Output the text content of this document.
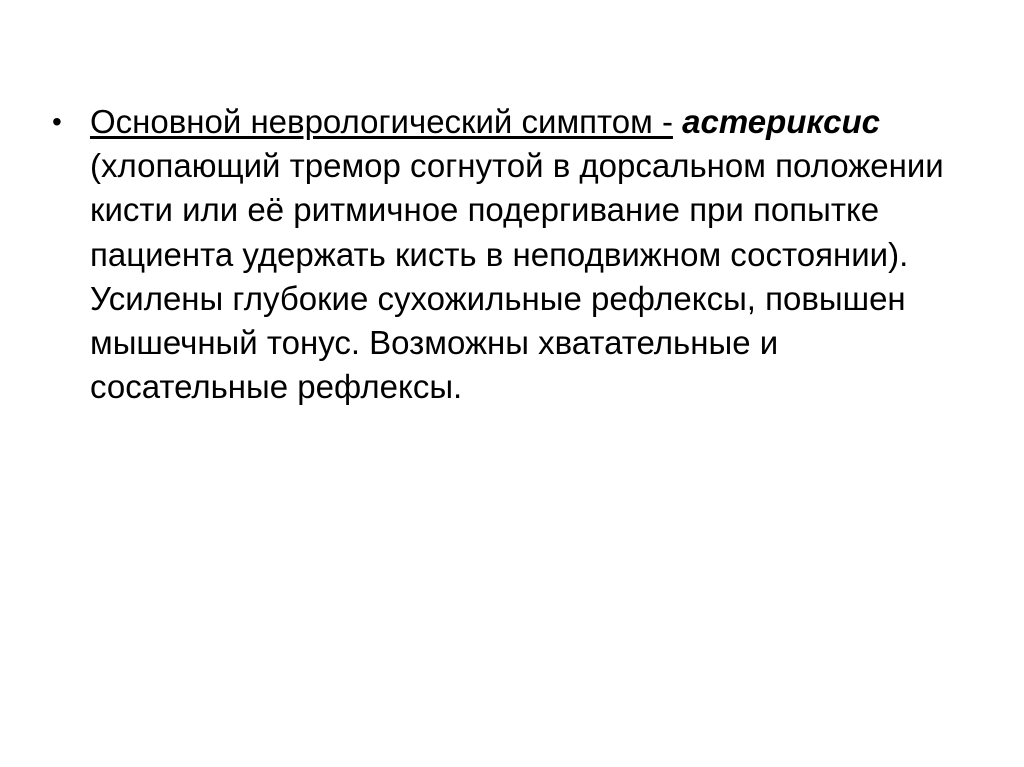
• Основной неврологический симптом - астериксис (хлопающий тремор согнутой в дорсальном положении кисти или её ритмичное подергивание при попытке пациента удержать кисть в неподвижном состоянии). Усилены глубокие сухожильные рефлексы, повышен мышечный тонус. Возможны хватательные и сосательные рефлексы.
